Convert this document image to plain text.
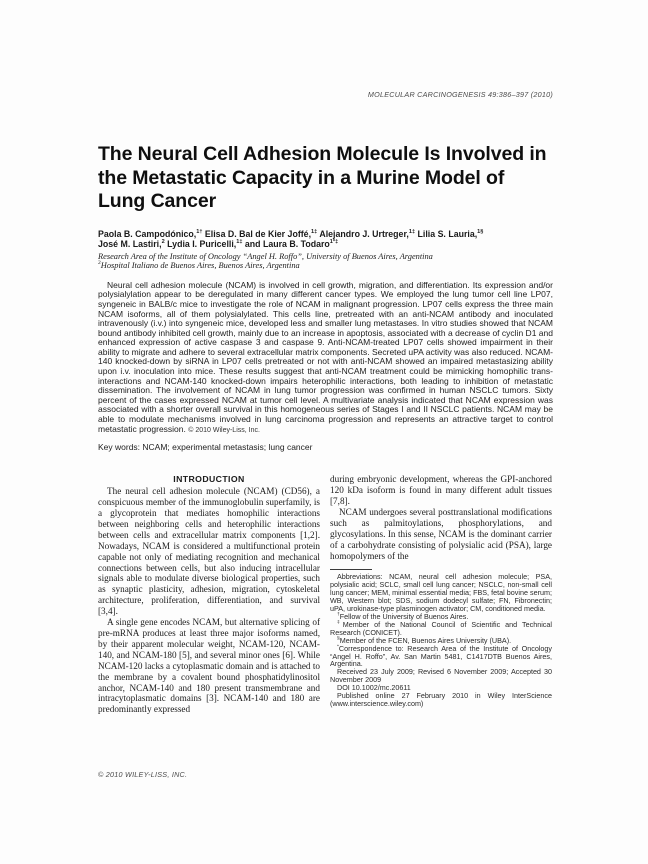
MOLECULAR CARCINOGENESIS 49:386–397 (2010)
The Neural Cell Adhesion Molecule Is Involved in
the Metastatic Capacity in a Murine Model of
Lung Cancer
Paola B. Campodónico,$^{1\dagger}$ Elisa D. Bal de Kier Joffé,$^{1\ddagger}$ Alejandro J. Urtreger,$^{1\ddagger}$ Lilia S. Lauria,$^{1\S}$
José M. Lastiri,$^2$ Lydia I. Puricelli,$^{1\ddagger}$ and Laura B. Todaro$^{1*\ddagger}$
Research Area of the Institute of Oncology “Angel H. Roffo”, University of Buenos Aires, Argentina
$^2$Hospital Italiano de Buenos Aires, Buenos Aires, Argentina

Neural cell adhesion molecule (NCAM) is involved in cell growth, migration, and differentiation. Its expression and/or polysialylation appear to be deregulated in many different cancer types. We employed the lung tumor cell line LP07, syngeneic in BALB/c mice to investigate the role of NCAM in malignant progression. LP07 cells express the three main NCAM isoforms, all of them polysialylated. This cells line, pretreated with an anti-NCAM antibody and inoculated intravenously (i.v.) into syngeneic mice, developed less and smaller lung metastases. In vitro studies showed that NCAM bound antibody inhibited cell growth, mainly due to an increase in apoptosis, associated with a decrease of cyclin D1 and enhanced expression of active caspase 3 and caspase 9. Anti-NCAM-treated LP07 cells showed impairment in their ability to migrate and adhere to several extracellular matrix components. Secreted uPA activity was also reduced. NCAM-140 knocked-down by siRNA in LP07 cells pretreated or not with anti-NCAM showed an impaired metastasizing ability upon i.v. inoculation into mice. These results suggest that anti-NCAM treatment could be mimicking homophilic trans-interactions and NCAM-140 knocked-down impairs heterophilic interactions, both leading to inhibition of metastatic dissemination. The involvement of NCAM in lung tumor progression was confirmed in human NSCLC tumors. Sixty percent of the cases expressed NCAM at tumor cell level. A multivariate analysis indicated that NCAM expression was associated with a shorter overall survival in this homogeneous series of Stages I and II NSCLC patients. NCAM may be able to modulate mechanisms involved in lung carcinoma progression and represents an attractive target to control metastatic progression. © 2010 Wiley-Liss, Inc.

Key words: NCAM; experimental metastasis; lung cancer
INTRODUCTION

The neural cell adhesion molecule (NCAM) (CD56), a conspicuous member of the immunoglobulin superfamily, is a glycoprotein that mediates homophilic interactions between neighboring cells and heterophilic interactions between cells and extracellular matrix components [1,2]. Nowadays, NCAM is considered a multifunctional protein capable not only of mediating recognition and mechanical connections between cells, but also inducing intracellular signals able to modulate diverse biological properties, such as synaptic plasticity, adhesion, migration, cytoskeletal architecture, proliferation, differentiation, and survival [3,4].

A single gene encodes NCAM, but alternative splicing of pre-mRNA produces at least three major isoforms named, by their apparent molecular weight, NCAM-120, NCAM-140, and NCAM-180 [5], and several minor ones [6]. While NCAM-120 lacks a cytoplasmatic domain and is attached to the membrane by a covalent bound phosphatidylinositol anchor, NCAM-140 and 180 present transmembrane and intracytoplasmatic domains [3]. NCAM-140 and 180 are predominantly expressed

during embryonic development, whereas the GPI-anchored 120 kDa isoform is found in many different adult tissues [7,8].

NCAM undergoes several posttranslational modifications such as palmitoylations, phosphorylations, and glycosylations. In this sense, NCAM is the dominant carrier of a carbohydrate consisting of polysialic acid (PSA), large homopolymers of the

Abbreviations: NCAM, neural cell adhesion molecule; PSA, polysialic acid; SCLC, small cell lung cancer; NSCLC, non-small cell lung cancer; MEM, minimal essential media; FBS, fetal bovine serum; WB, Western blot; SDS, sodium dodecyl sulfate; FN, Fibronectin; uPA, urokinase-type plasminogen activator; CM, conditioned media.

†Fellow of the University of Buenos Aires.

‡Member of the National Council of Scientific and Technical Research (CONICET).

§Member of the FCEN, Buenos Aires University (UBA).

*Correspondence to: Research Area of the Institute of Oncology “Angel H. Roffo”, Av. San Martin 5481, C1417DTB Buenos Aires, Argentina.

Received 23 July 2009; Revised 6 November 2009; Accepted 30 November 2009

DOI 10.1002/mc.20611

Published online 27 February 2010 in Wiley InterScience (www.interscience.wiley.com)

© 2010 WILEY-LISS, INC.
